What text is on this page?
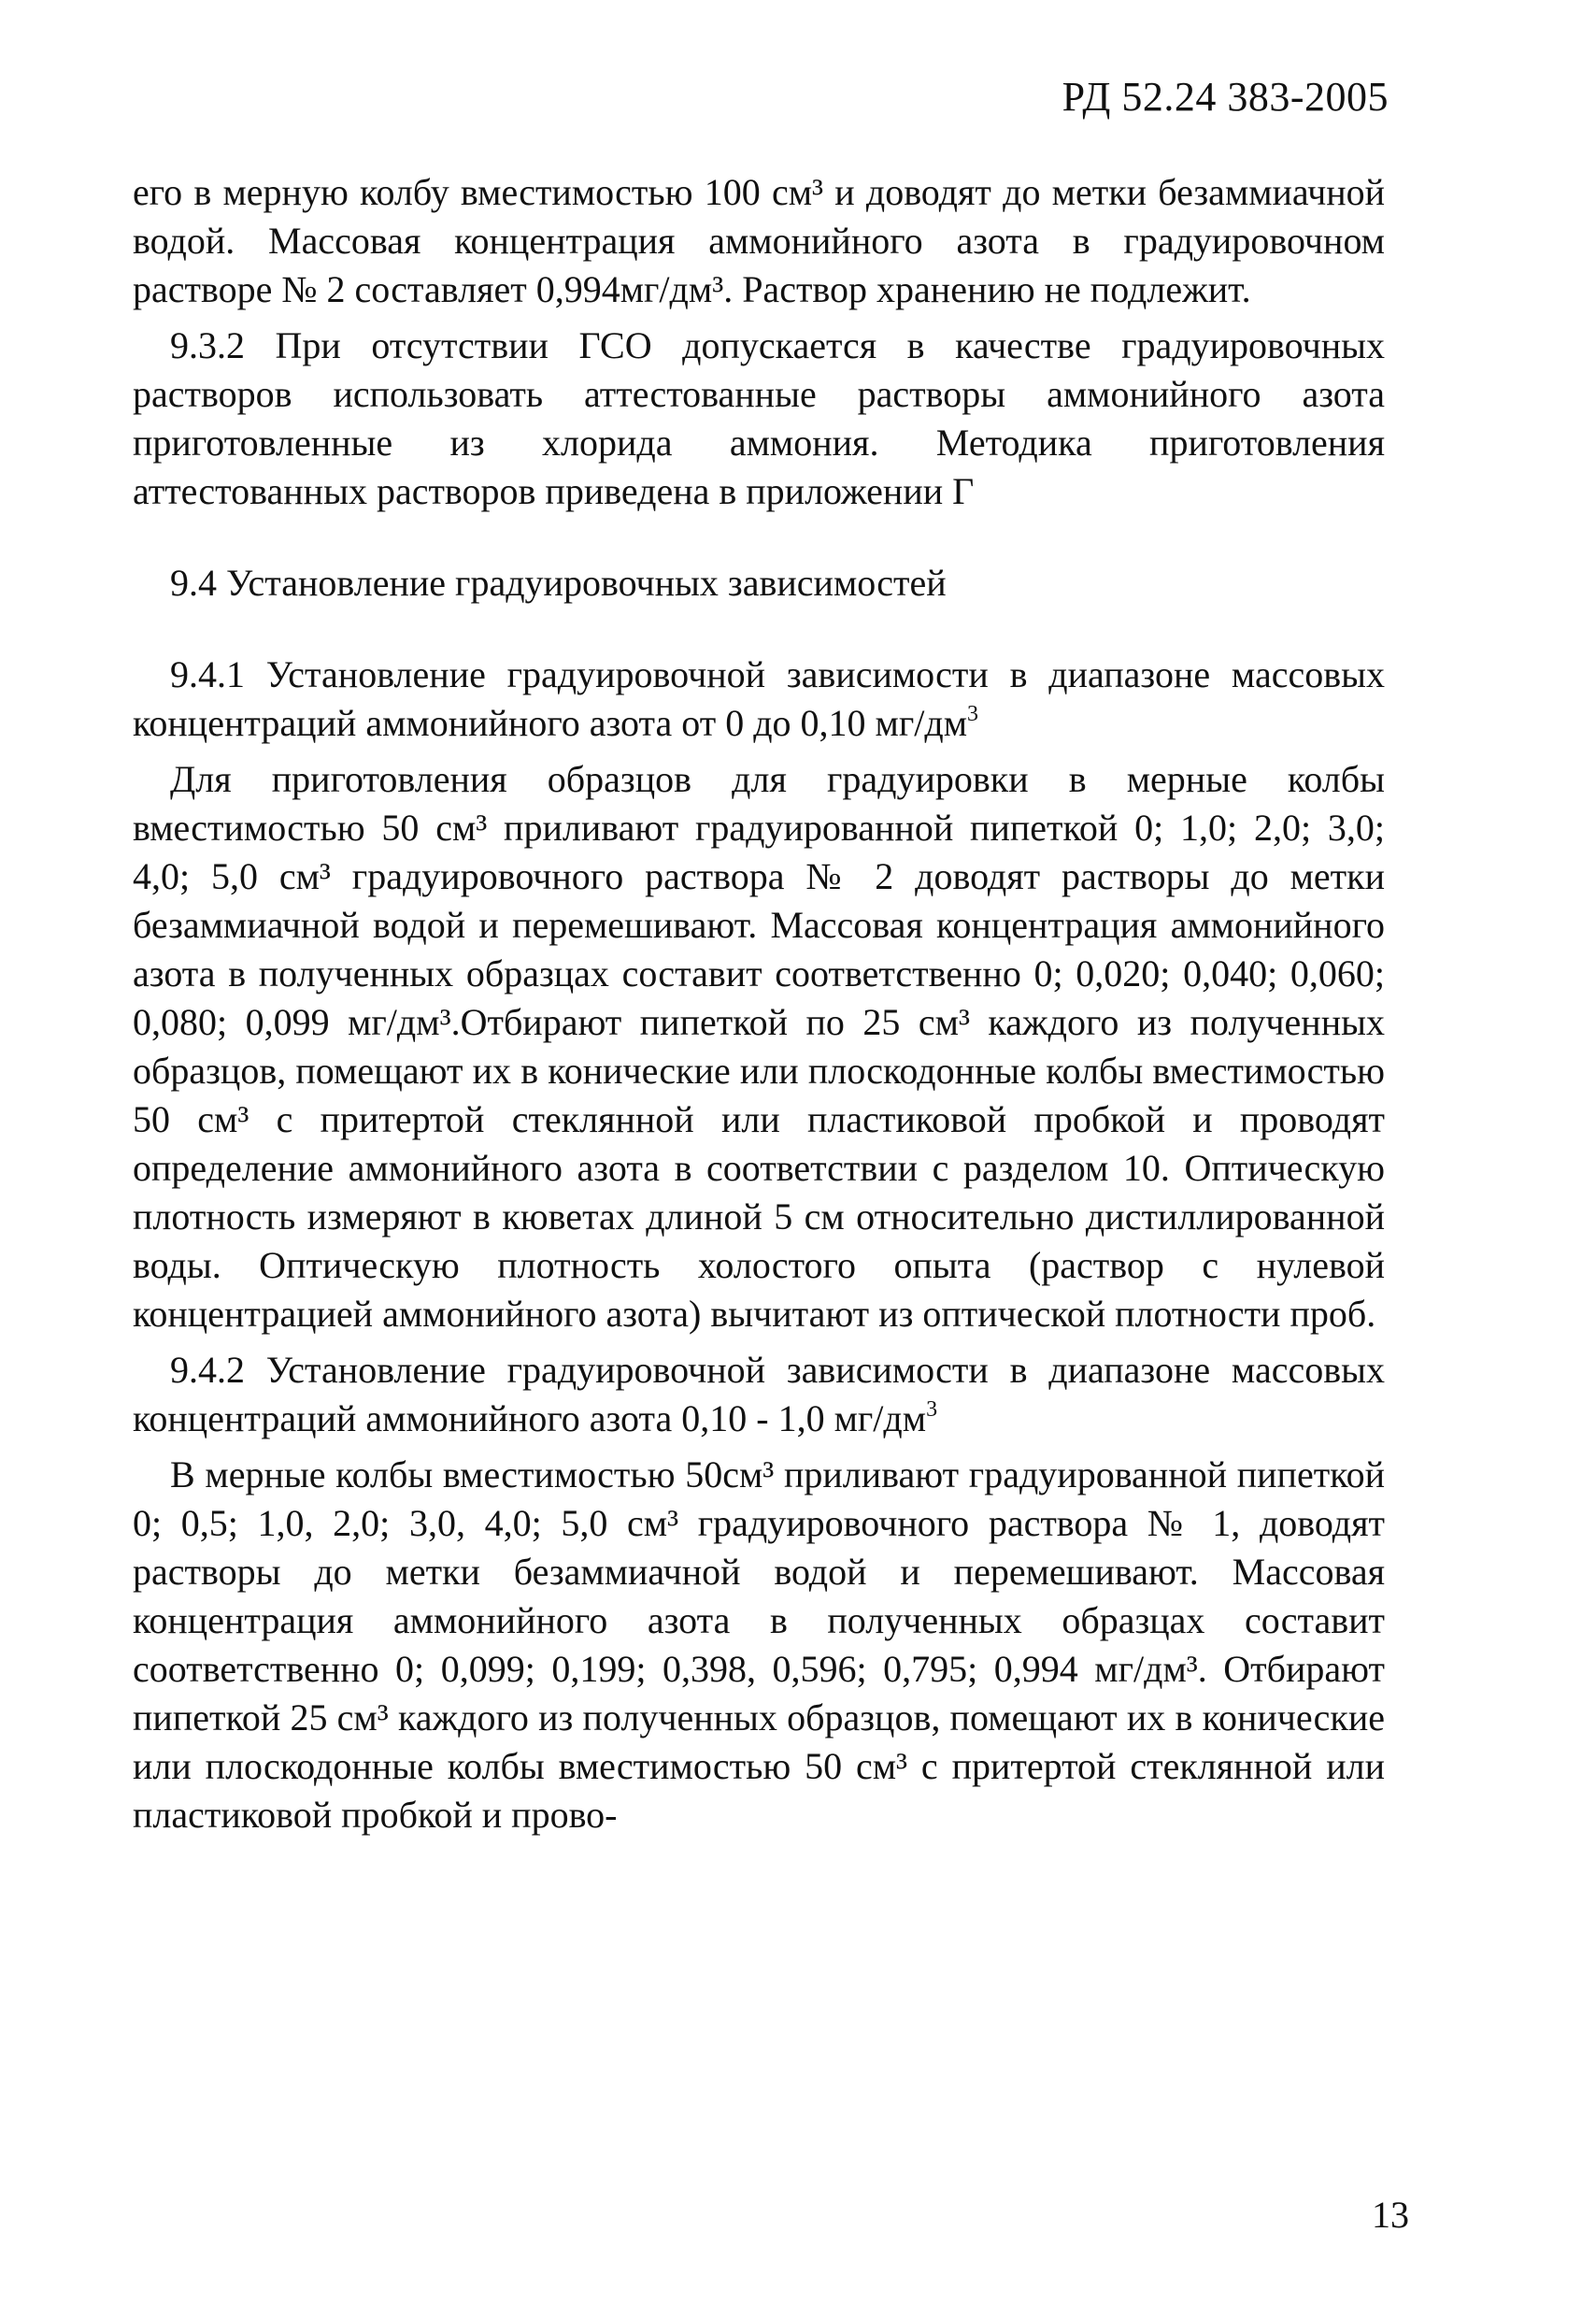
РД 52.24 383-2005

его в мерную колбу вместимостью 100 см³ и доводят до метки безаммиачной водой. Массовая концентрация аммонийного азота в градуировочном растворе № 2 составляет 0,994мг/дм³. Раствор хранению не подлежит.

9.3.2 При отсутствии ГСО допускается в качестве градуировочных растворов использовать аттестованные растворы аммонийного азота приготовленные из хлорида аммония. Методика приготовления аттестованных растворов приведена в приложении Г

9.4 Установление градуировочных зависимостей

9.4.1 Установление градуировочной зависимости в диапазоне массовых концентраций аммонийного азота от 0 до 0,10 $мг/дм^3$

Для приготовления образцов для градуировки в мерные колбы вместимостью 50 см³ приливают градуированной пипеткой 0; 1,0; 2,0; 3,0; 4,0; 5,0 см³ градуировочного раствора № 2 доводят растворы до метки безаммиачной водой и перемешивают. Массовая концентрация аммонийного азота в полученных образцах составит соответственно 0; 0,020; 0,040; 0,060; 0,080; 0,099 мг/дм³.Отбирают пипеткой по 25 см³ каждого из полученных образцов, помещают их в конические или плоскодонные колбы вместимостью 50 см³ с притертой стеклянной или пластиковой пробкой и проводят определение аммонийного азота в соответствии с разделом 10. Оптическую плотность измеряют в кюветах длиной 5 см относительно дистиллированной воды. Оптическую плотность холостого опыта (раствор с нулевой концентрацией аммонийного азота) вычитают из оптической плотности проб.

9.4.2 Установление градуировочной зависимости в диапазоне массовых концентраций аммонийного азота 0,10 - 1,0 $мг/дм^3$

В мерные колбы вместимостью 50см³ приливают градуированной пипеткой 0; 0,5; 1,0, 2,0; 3,0, 4,0; 5,0 см³ градуировочного раствора № 1, доводят растворы до метки безаммиачной водой и перемешивают. Массовая концентрация аммонийного азота в полученных образцах составит соответственно 0; 0,099; 0,199; 0,398, 0,596; 0,795; 0,994 мг/дм³. Отбирают пипеткой 25 см³ каждого из полученных образцов, помещают их в конические или плоскодонные колбы вместимостью 50 см³ с притертой стеклянной или пластиковой пробкой и прово-

13
